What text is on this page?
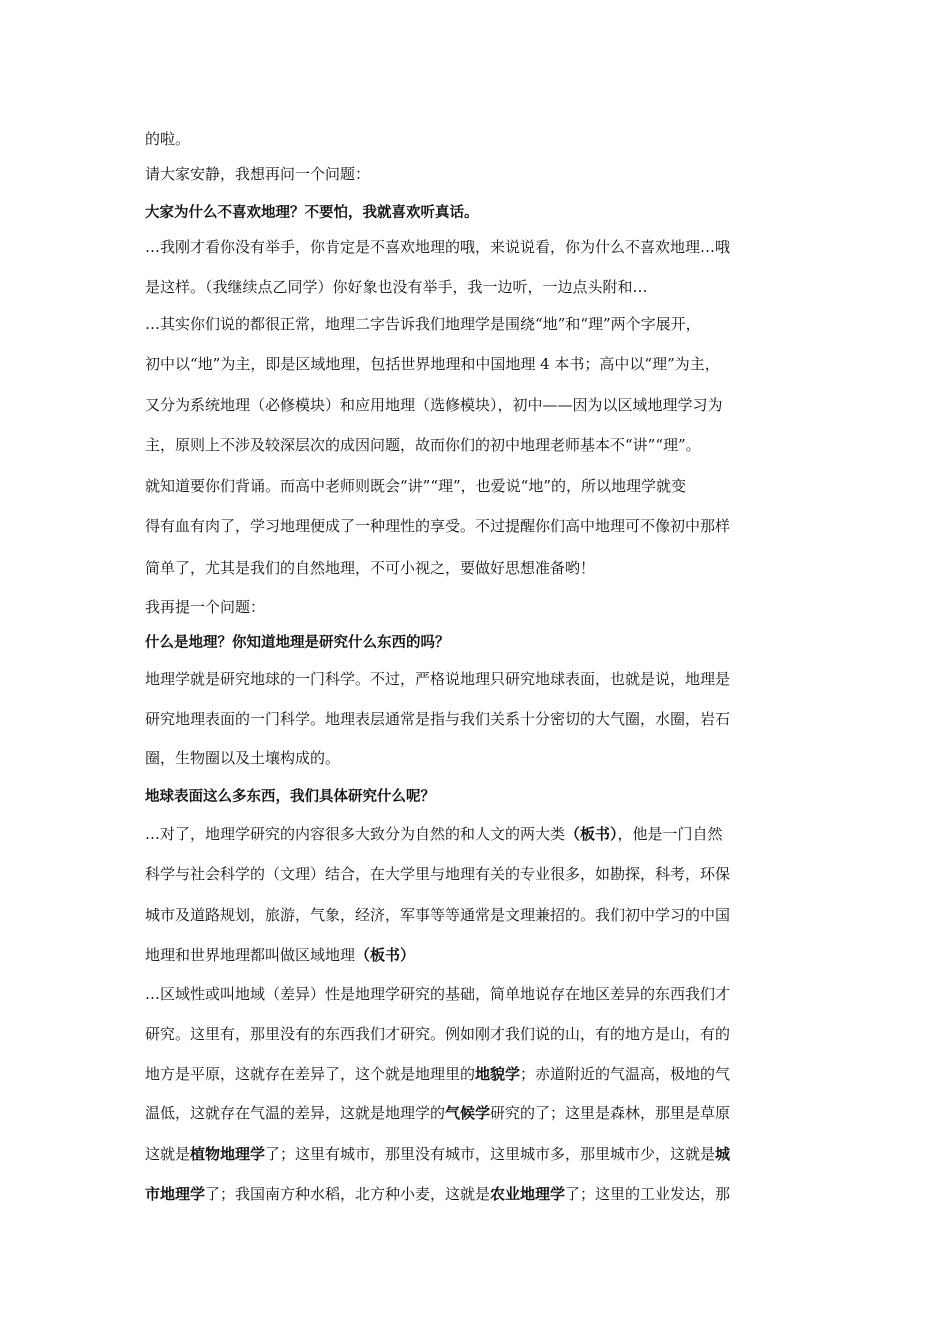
的啦。
请大家安静，我想再问一个问题：
大家为什么不喜欢地理？不要怕，我就喜欢听真话。
…我刚才看你没有举手，你肯定是不喜欢地理的哦，来说说看，你为什么不喜欢地理…哦
是这样。（我继续点乙同学）你好象也没有举手，我一边听，一边点头附和…
…其实你们说的都很正常，地理二字告诉我们地理学是围绕“地”和“理”两个字展开，
初中以“地”为主，即是区域地理，包括世界地理和中国地理 4 本书；高中以“理”为主，
又分为系统地理（必修模块）和应用地理（选修模块），初中——因为以区域地理学习为
主，原则上不涉及较深层次的成因问题，故而你们的初中地理老师基本不“讲”“理”。
就知道要你们背诵。而高中老师则既会“讲”“理”，也爱说“地”的，所以地理学就变
得有血有肉了，学习地理便成了一种理性的享受。不过提醒你们高中地理可不像初中那样
简单了，尤其是我们的自然地理，不可小视之，要做好思想准备哟！
我再提一个问题：
什么是地理？你知道地理是研究什么东西的吗？
地理学就是研究地球的一门科学。不过，严格说地理只研究地球表面，也就是说，地理是
研究地理表面的一门科学。地理表层通常是指与我们关系十分密切的大气圈，水圈，岩石
圈，生物圈以及土壤构成的。
地球表面这么多东西，我们具体研究什么呢？
…对了，地理学研究的内容很多大致分为自然的和人文的两大类（板书），他是一门自然
科学与社会科学的（文理）结合，在大学里与地理有关的专业很多，如勘探，科考，环保
城市及道路规划，旅游，气象，经济，军事等等通常是文理兼招的。我们初中学习的中国
地理和世界地理都叫做区域地理（板书）
…区域性或叫地域（差异）性是地理学研究的基础，简单地说存在地区差异的东西我们才
研究。这里有，那里没有的东西我们才研究。例如刚才我们说的山，有的地方是山，有的
地方是平原，这就存在差异了，这个就是地理里的地貌学；赤道附近的气温高，极地的气
温低，这就存在气温的差异，这就是地理学的气候学研究的了；这里是森林，那里是草原
这就是植物地理学了；这里有城市，那里没有城市，这里城市多，那里城市少，这就是城
市地理学了；我国南方种水稻，北方种小麦，这就是农业地理学了；这里的工业发达，那
